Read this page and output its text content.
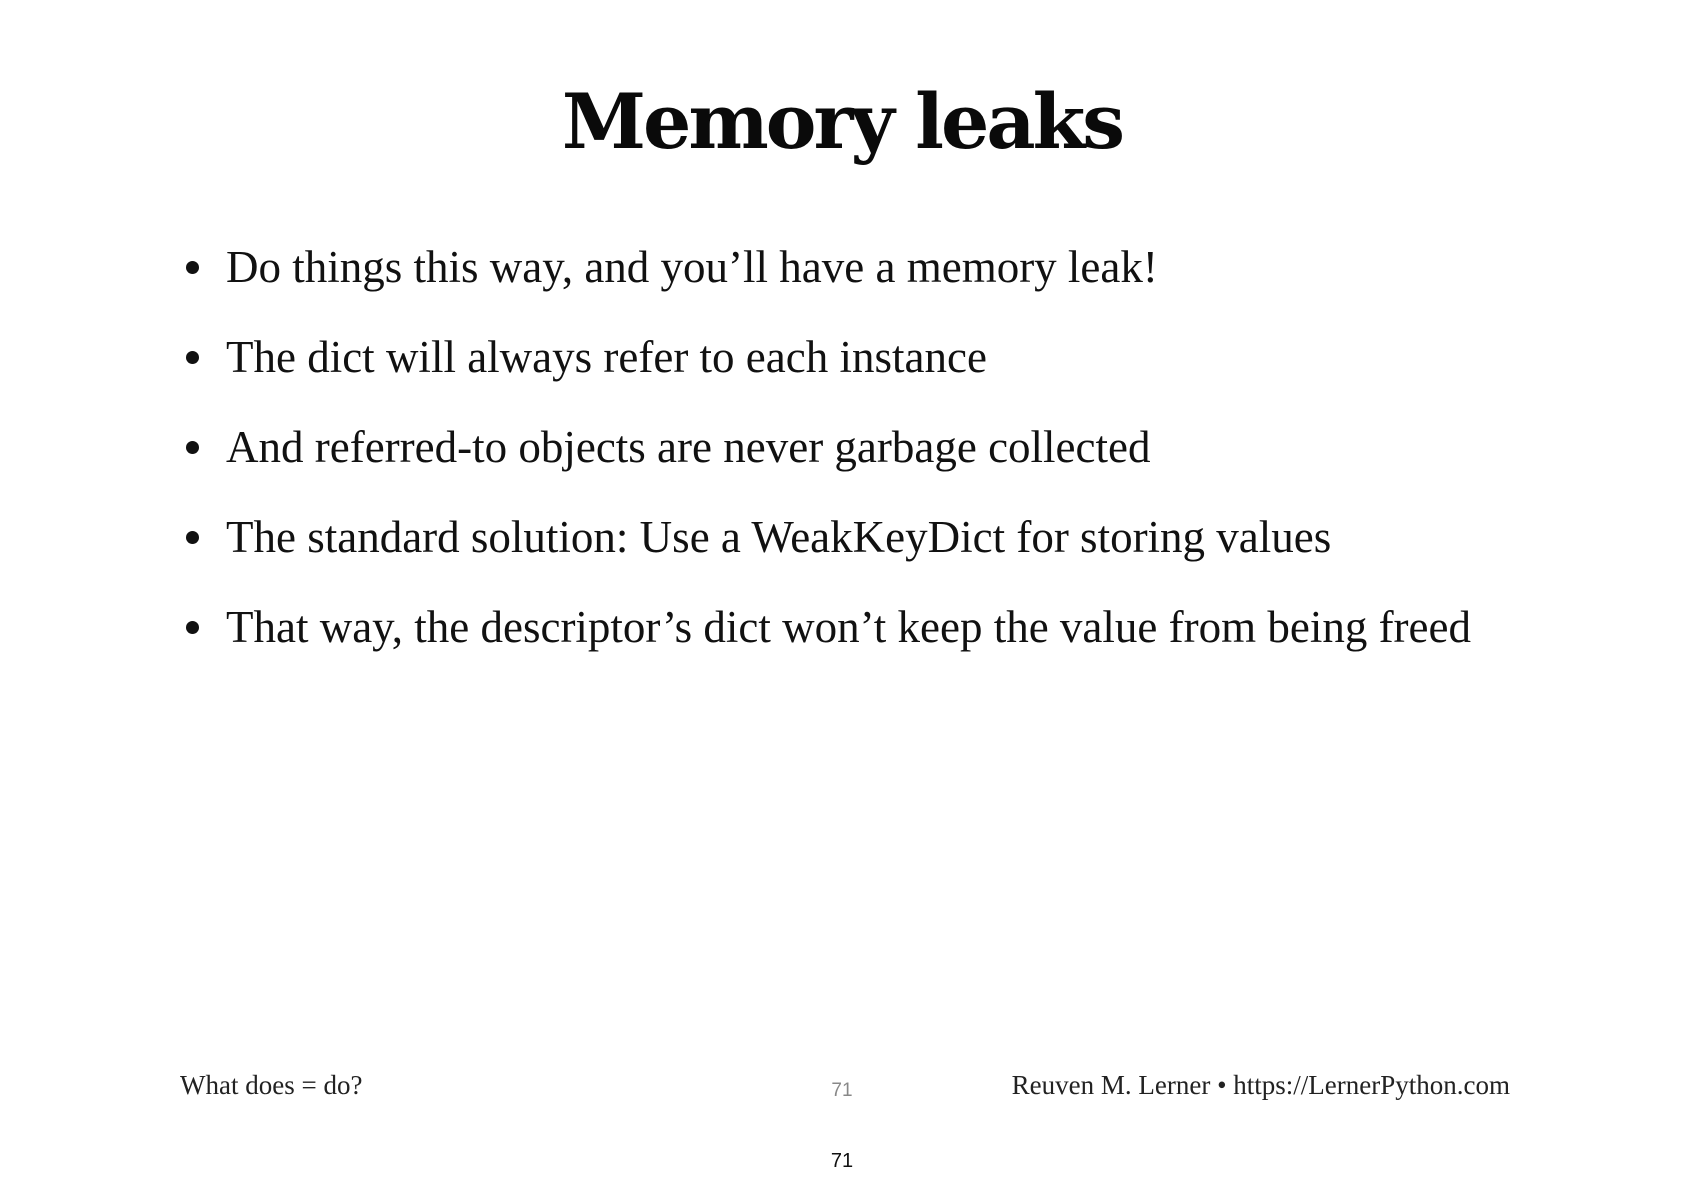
Memory leaks
Do things this way, and you’ll have a memory leak!
The dict will always refer to each instance
And referred-to objects are never garbage collected
The standard solution: Use a WeakKeyDict for storing values
That way, the descriptor’s dict won’t keep the value from being freed
What does = do?	71	Reuven M. Lerner • https://LernerPython.com
71
